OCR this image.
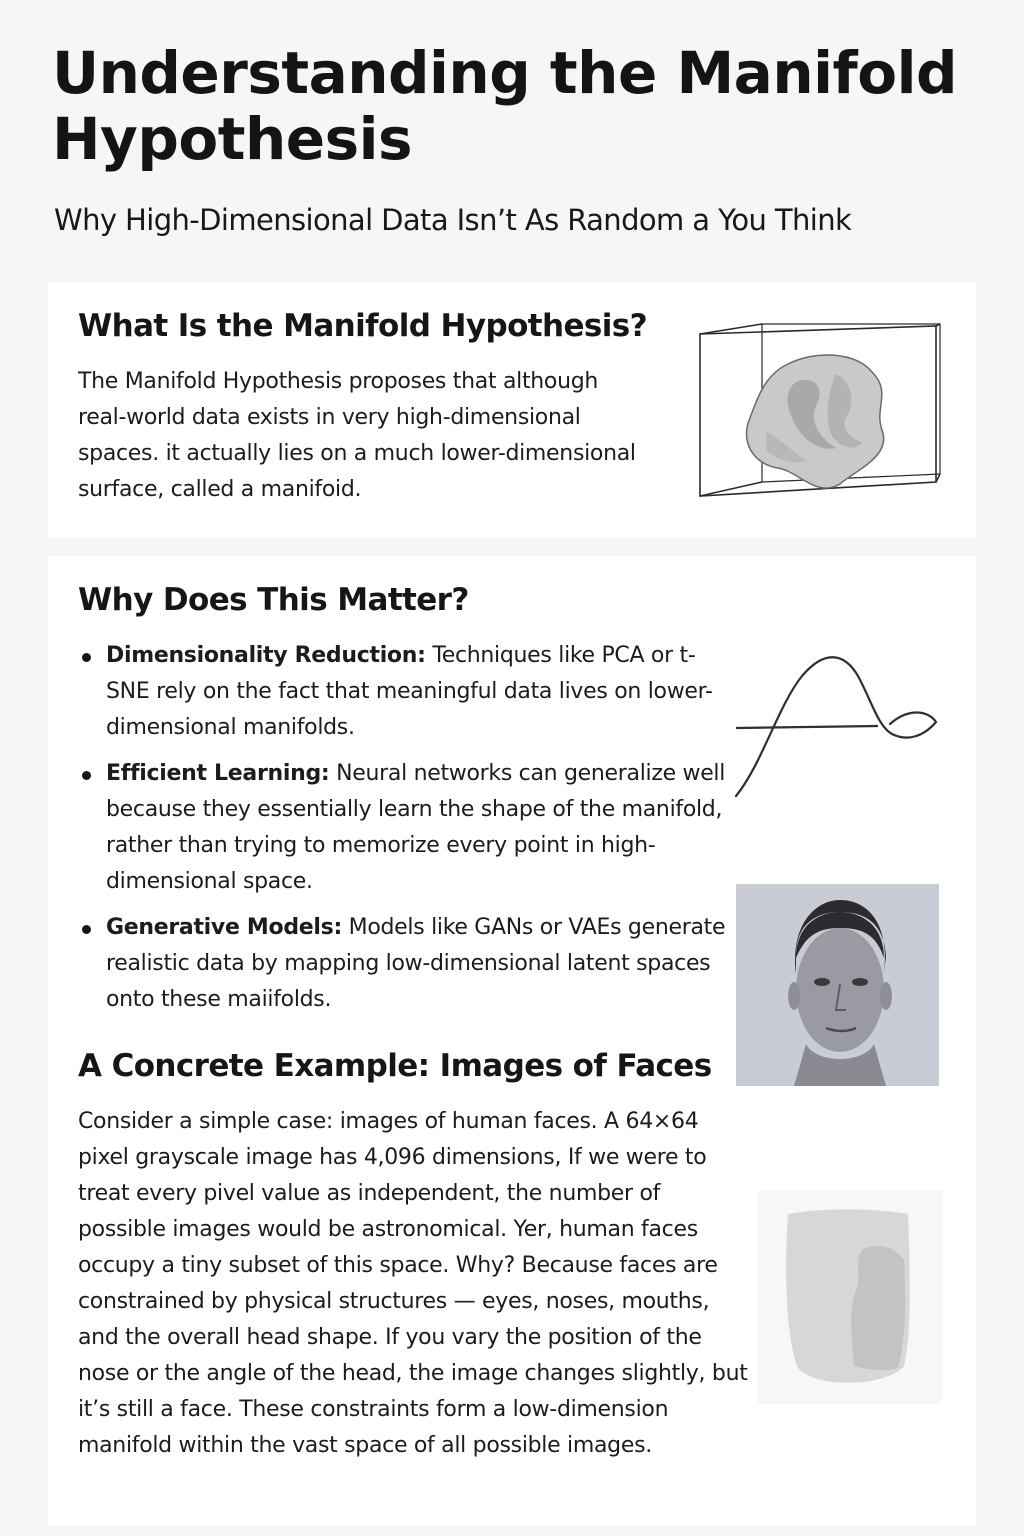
Understanding the Manifold Hypothesis
Why High-Dimensional Data Isn’t As Random a You Think
What Is the Manifold Hypothesis?

The Manifold Hypothesis proposes that although real-world data exists in very high-dimensional spaces. it actually lies on a much lower-dimensional surface, called a manifoid.

Why Does This Matter?
Dimensionality Reduction: Techniques like PCA or t-SNE rely on the fact that meaningful data lives on lower-dimensional manifolds.
Efficient Learning: Neural networks can generalize well because they essentially learn the shape of the manifold, rather than trying to memorize every point in high-dimensional space.
Generative Models: Models like GANs or VAEs generate realistic data by mapping low-dimensional latent spaces onto these maiifolds.
A Concrete Example: Images of Faces

Consider a simple case: images of human faces. A 64×64 pixel grayscale image has 4,096 dimensions, If we were to treat every pivel value as independent, the number of possible images would be astronomical. Yer, human faces occupy a tiny subset of this space. Why? Because faces are constrained by physical structures — eyes, noses, mouths, and the overall head shape. If you vary the position of the nose or the angle of the head, the image changes slightly, but it’s still a face. These constraints form a low-dimension manifold within the vast space of all possible images.
